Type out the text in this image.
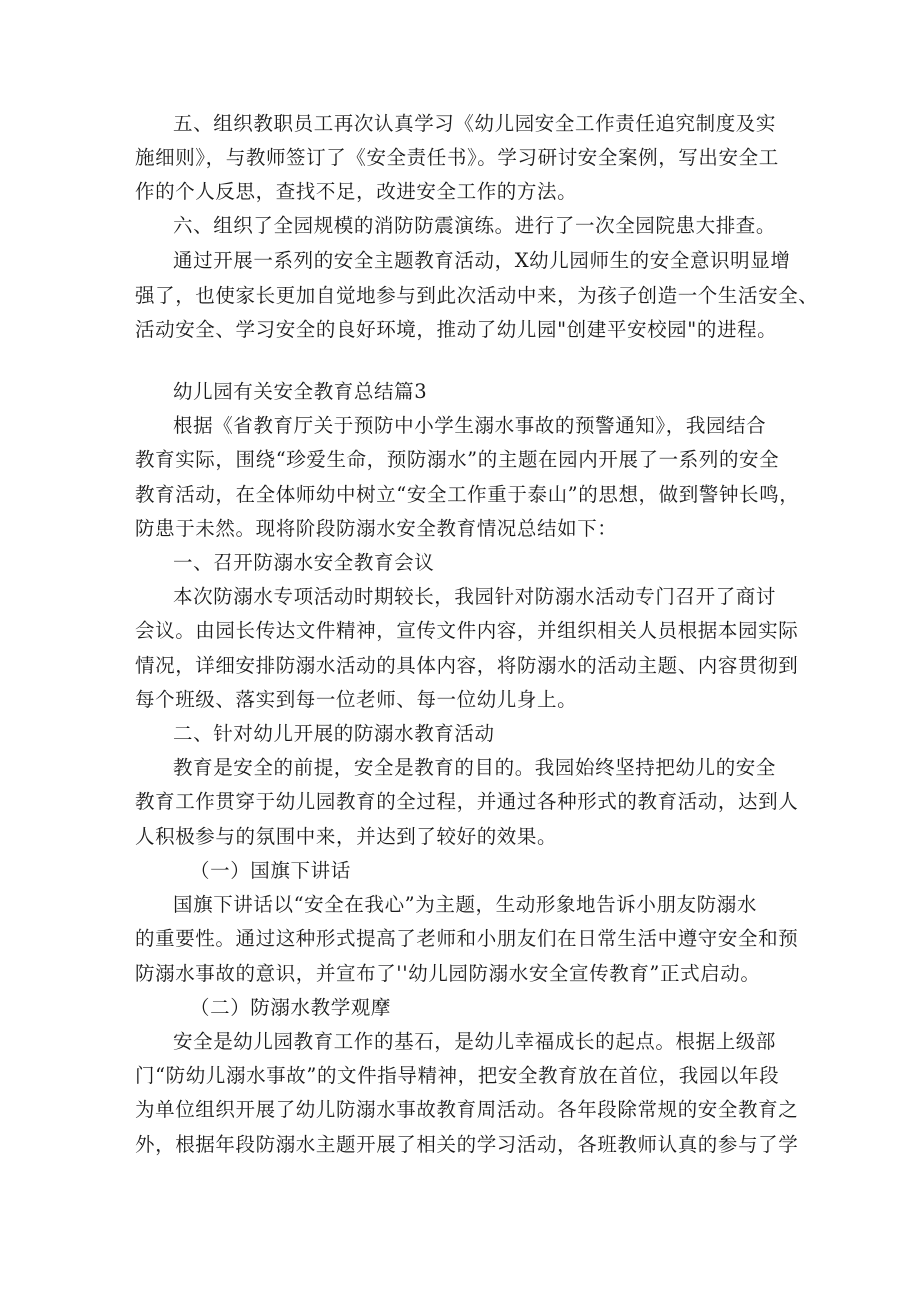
五、组织教职员工再次认真学习《幼儿园安全工作责任追究制度及实
施细则》，与教师签订了《安全责任书》。学习研讨安全案例，写出安全工
作的个人反思，查找不足，改进安全工作的方法。
六、组织了全园规模的消防防震演练。进行了一次全园院患大排查。
通过开展一系列的安全主题教育活动，X幼儿园师生的安全意识明显增
强了，也使家长更加自觉地参与到此次活动中来，为孩子创造一个生活安全、
活动安全、学习安全的良好环境，推动了幼儿园"创建平安校园"的进程。
幼儿园有关安全教育总结篇3
根据《省教育厅关于预防中小学生溺水事故的预警通知》，我园结合
教育实际，围绕“珍爱生命，预防溺水”的主题在园内开展了一系列的安全
教育活动，在全体师幼中树立“安全工作重于泰山”的思想，做到警钟长鸣，
防患于未然。现将阶段防溺水安全教育情况总结如下：
一、召开防溺水安全教育会议
本次防溺水专项活动时期较长，我园针对防溺水活动专门召开了商讨
会议。由园长传达文件精神，宣传文件内容，并组织相关人员根据本园实际
情况，详细安排防溺水活动的具体内容，将防溺水的活动主题、内容贯彻到
每个班级、落实到每一位老师、每一位幼儿身上。
二、针对幼儿开展的防溺水教育活动
教育是安全的前提，安全是教育的目的。我园始终坚持把幼儿的安全
教育工作贯穿于幼儿园教育的全过程，并通过各种形式的教育活动，达到人
人积极参与的氛围中来，并达到了较好的效果。
（一）国旗下讲话
国旗下讲话以“安全在我心”为主题，生动形象地告诉小朋友防溺水
的重要性。通过这种形式提高了老师和小朋友们在日常生活中遵守安全和预
防溺水事故的意识，并宣布了''幼儿园防溺水安全宣传教育”正式启动。
（二）防溺水教学观摩
安全是幼儿园教育工作的基石，是幼儿幸福成长的起点。根据上级部
门“防幼儿溺水事故”的文件指导精神，把安全教育放在首位，我园以年段
为单位组织开展了幼儿防溺水事故教育周活动。各年段除常规的安全教育之
外，根据年段防溺水主题开展了相关的学习活动，各班教师认真的参与了学
